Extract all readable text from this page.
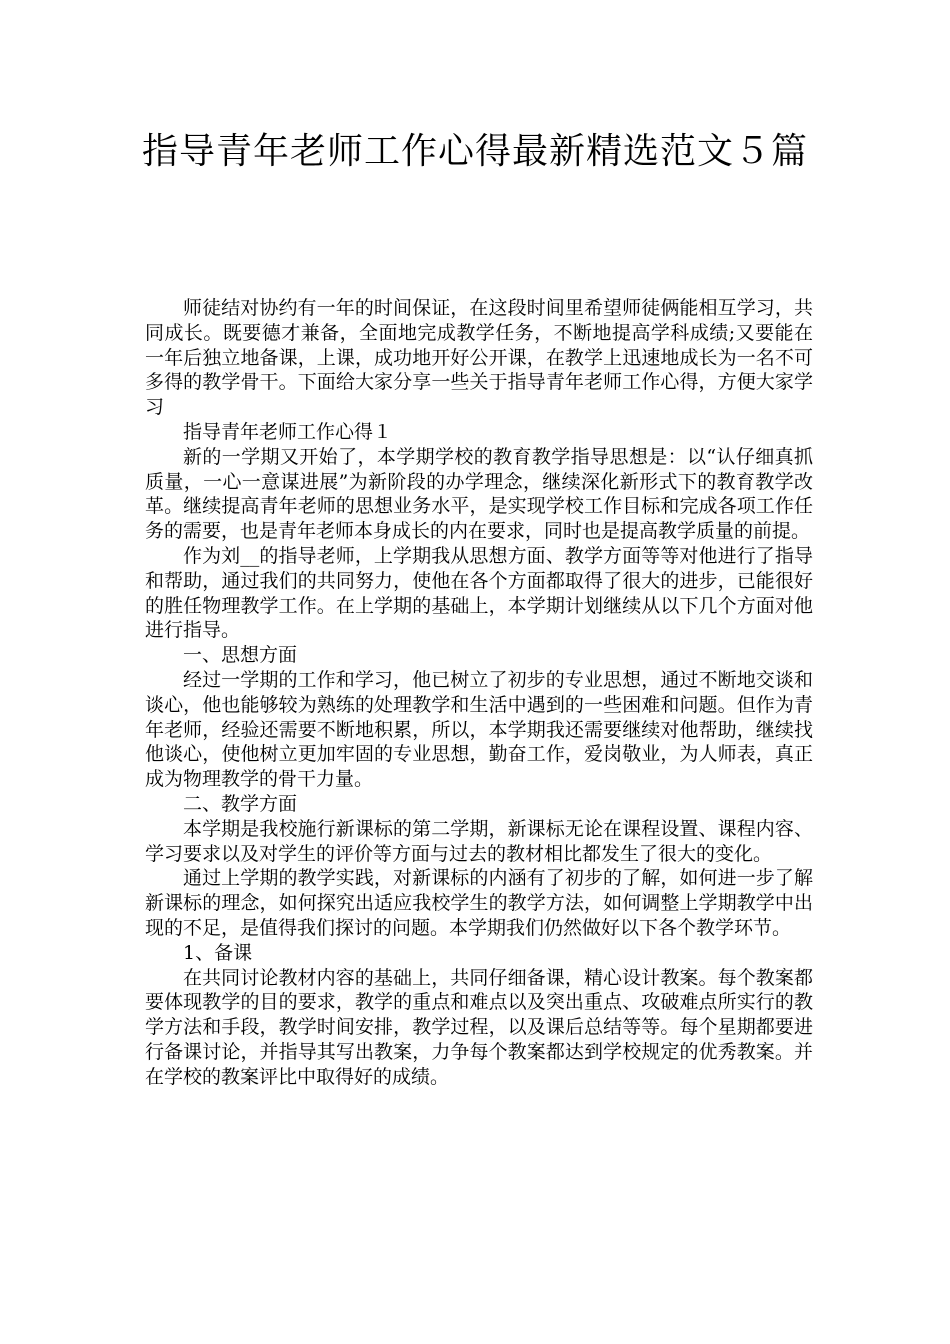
指导青年老师工作心得最新精选范文５篇

师徒结对协约有一年的时间保证，在这段时间里希望师徒俩能相互学习，共同成长。既要德才兼备，全面地完成教学任务，不断地提高学科成绩;又要能在一年后独立地备课，上课，成功地开好公开课，在教学上迅速地成长为一名不可多得的教学骨干。下面给大家分享一些关于指导青年老师工作心得，方便大家学习

指导青年老师工作心得１

新的一学期又开始了，本学期学校的教育教学指导思想是：以“认仔细真抓质量，一心一意谋进展”为新阶段的办学理念，继续深化新形式下的教育教学改革。继续提高青年老师的思想业务水平，是实现学校工作目标和完成各项工作任务的需要，也是青年老师本身成长的内在要求，同时也是提高教学质量的前提。

作为刘__的指导老师，上学期我从思想方面、教学方面等等对他进行了指导和帮助，通过我们的共同努力，使他在各个方面都取得了很大的进步，已能很好的胜任物理教学工作。在上学期的基础上，本学期计划继续从以下几个方面对他进行指导。

一、思想方面

经过一学期的工作和学习，他已树立了初步的专业思想，通过不断地交谈和谈心，他也能够较为熟练的处理教学和生活中遇到的一些困难和问题。但作为青年老师，经验还需要不断地积累，所以，本学期我还需要继续对他帮助，继续找他谈心，使他树立更加牢固的专业思想，勤奋工作，爱岗敬业，为人师表，真正成为物理教学的骨干力量。

二、教学方面

本学期是我校施行新课标的第二学期，新课标无论在课程设置、课程内容、学习要求以及对学生的评价等方面与过去的教材相比都发生了很大的变化。

通过上学期的教学实践，对新课标的内涵有了初步的了解，如何进一步了解新课标的理念，如何探究出适应我校学生的教学方法，如何调整上学期教学中出现的不足，是值得我们探讨的问题。本学期我们仍然做好以下各个教学环节。

1、备课

在共同讨论教材内容的基础上，共同仔细备课，精心设计教案。每个教案都要体现教学的目的要求，教学的重点和难点以及突出重点、攻破难点所实行的教学方法和手段，教学时间安排，教学过程，以及课后总结等等。每个星期都要进行备课讨论，并指导其写出教案，力争每个教案都达到学校规定的优秀教案。并在学校的教案评比中取得好的成绩。
